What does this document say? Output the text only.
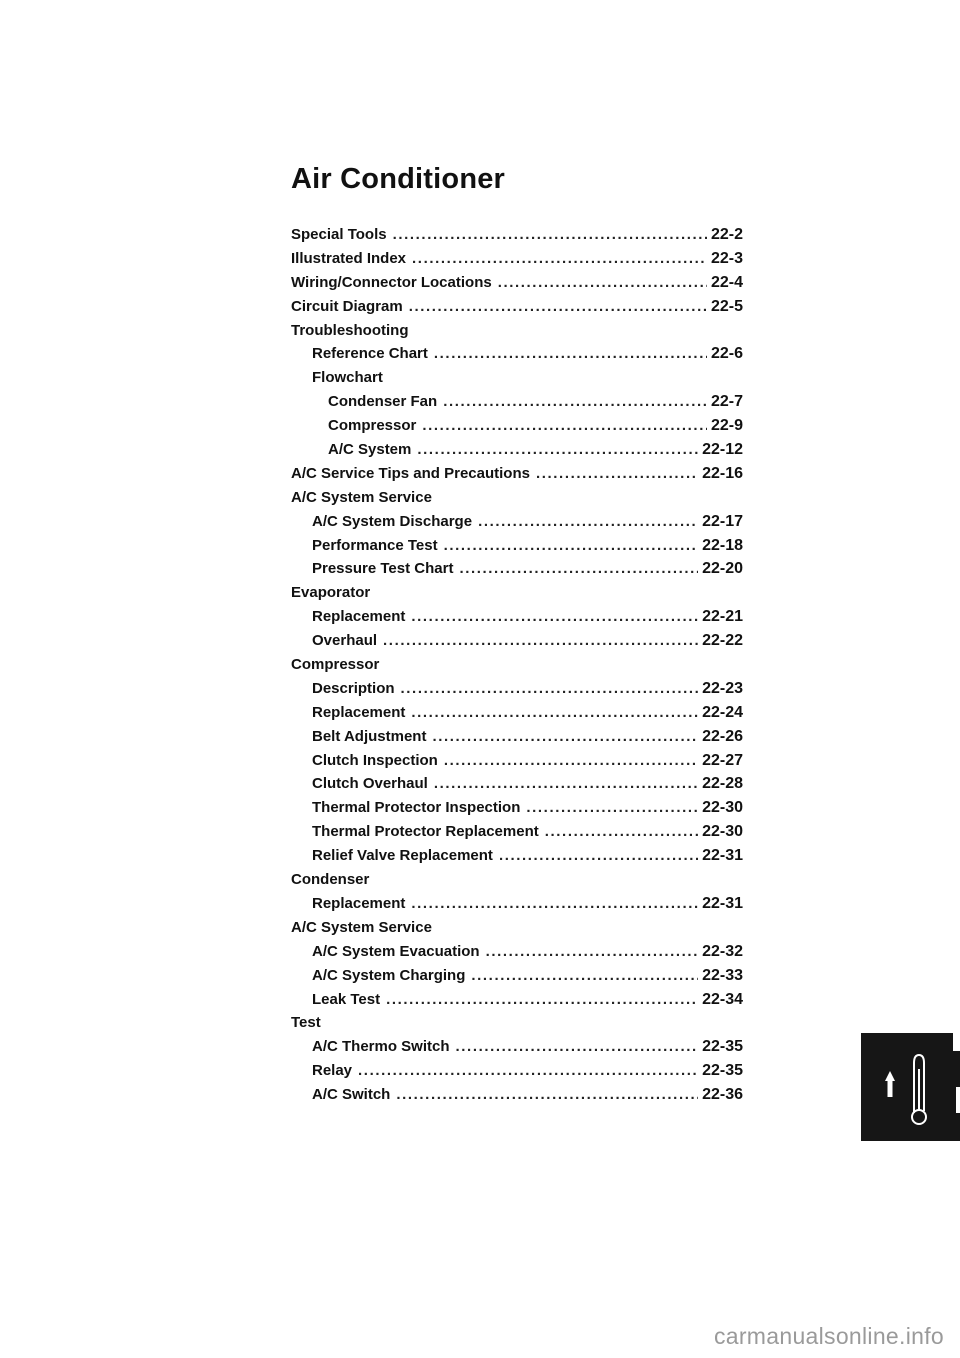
Air Conditioner
Special Tools .....	22-2
Illustrated Index .....	22-3
Wiring/Connector Locations .....	22-4
Circuit Diagram .....	22-5
Troubleshooting
Reference Chart .....	22-6
Flowchart
Condenser Fan .....	22-7
Compressor .....	22-9
A/C System .....	22-12
A/C Service Tips and Precautions .....	22-16
A/C System Service
A/C System Discharge .....	22-17
Performance Test .....	22-18
Pressure Test Chart .....	22-20
Evaporator
Replacement .....	22-21
Overhaul .....	22-22
Compressor
Description .....	22-23
Replacement .....	22-24
Belt Adjustment .....	22-26
Clutch Inspection .....	22-27
Clutch Overhaul .....	22-28
Thermal Protector Inspection .....	22-30
Thermal Protector Replacement .....	22-30
Relief Valve Replacement .....	22-31
Condenser
Replacement .....	22-31
A/C System Service
A/C System Evacuation .....	22-32
A/C System Charging .....	22-33
Leak Test .....	22-34
Test
A/C Thermo Switch .....	22-35
Relay .....	22-35
A/C Switch .....	22-36
carmanualsonline.info
